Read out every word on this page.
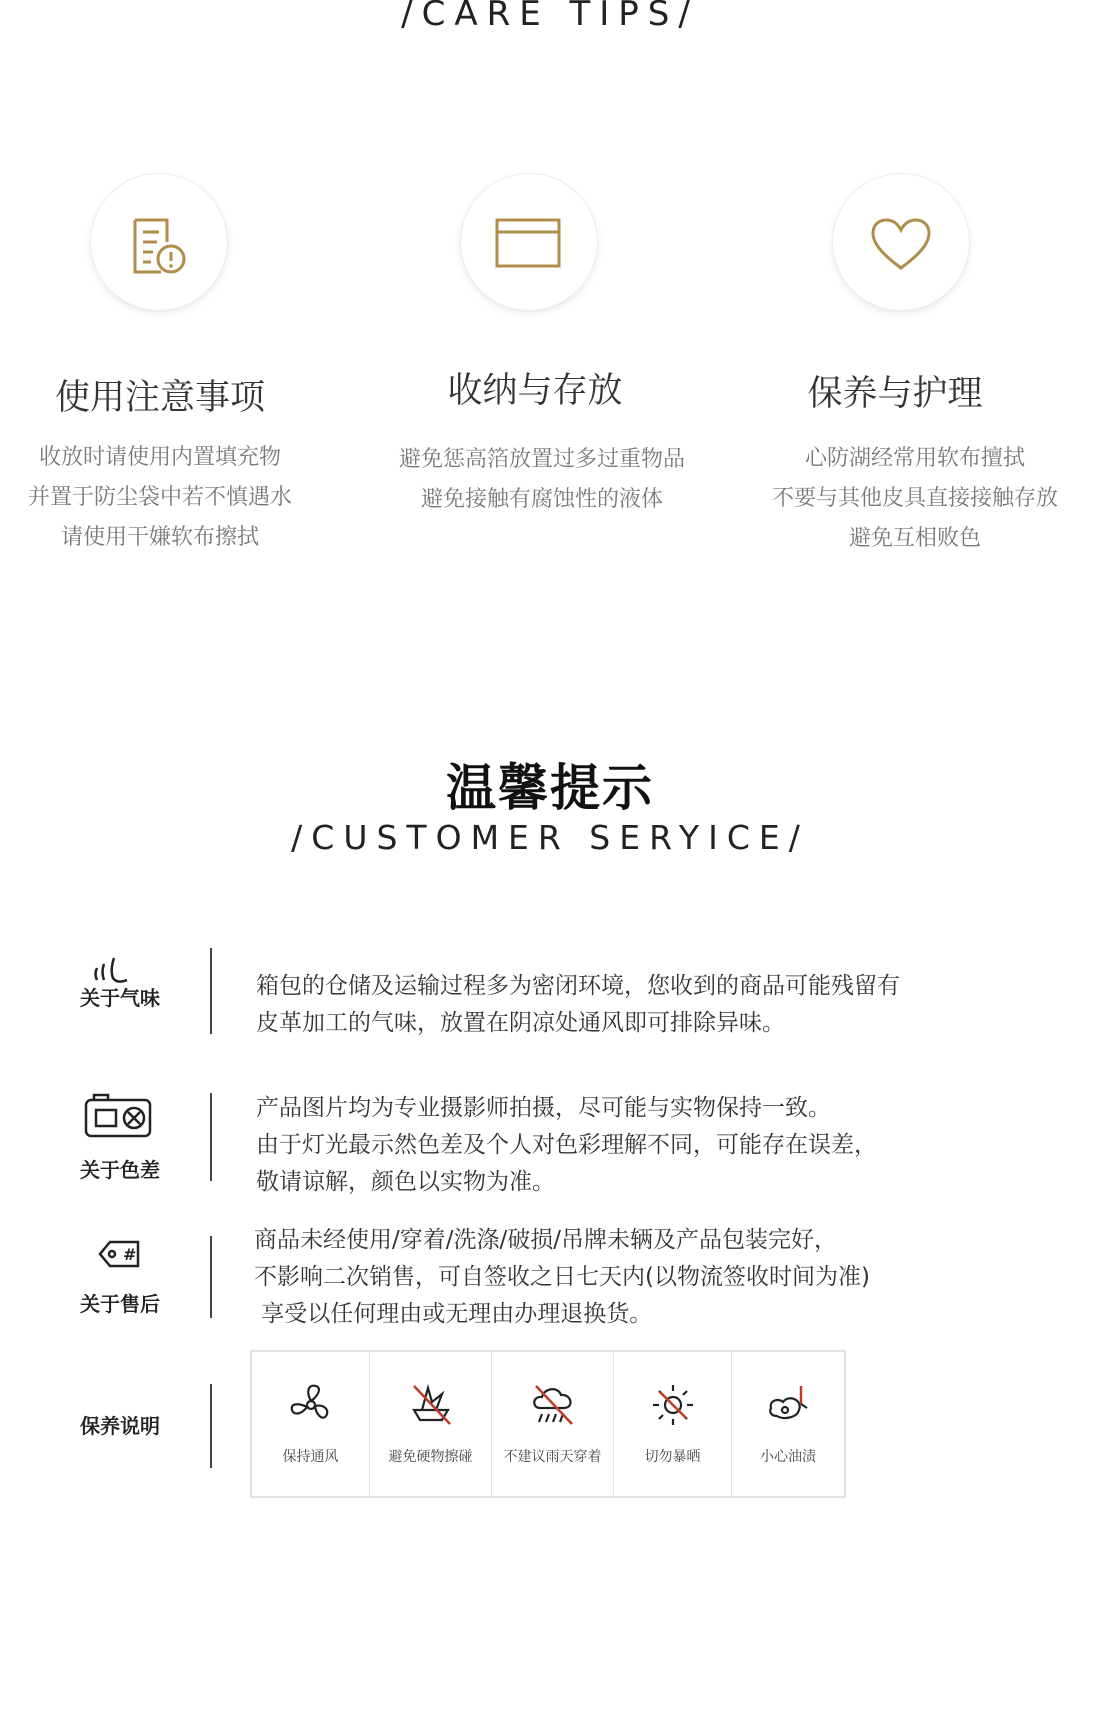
/CARE TIPS/
使用注意事项
收放时请使用内置填充物
并置于防尘袋中若不慎遇水
请使用干嫌软布擦拭
收纳与存放
避免惩高箔放置过多过重物品
避免接触有腐蚀性的液体
保养与护理
心防湖经常用软布擅拭
不要与其他皮具直接接触存放
避免互相败色
温馨提示
/CUSTOMER SERYICE/
关于气味	箱包的仓储及运输过程多为密闭环境，您收到的商品可能残留有
皮革加工的气味，放置在阴凉处通风即可排除异味。
关于色差
产品图片均为专业摄影师拍摄，尽可能与实物保持一致。
由于灯光最示然色差及个人对色彩理解不同，可能存在误差，
敬请谅解，颜色以实物为准。
#
关于售后
商品未经使用/穿着/洗涤/破损/吊牌未辆及产品包装完好，
不影响二次销售，可自签收之日七天内(以物流签收时间为准)
享受以任何理由或无理由办理退换货。
保养说明
保持通风	避免硬物擦碰	不建议雨天穿着	切勿暴晒	小心油渍
